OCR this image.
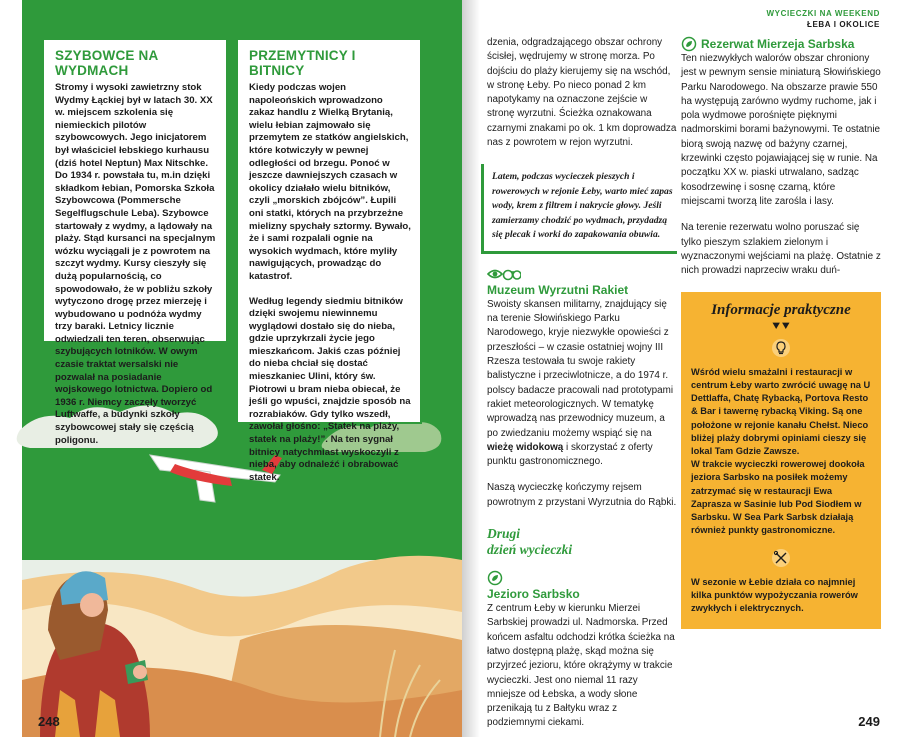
SZYBOWCE NA WYDMACH

Stromy i wysoki zawietrzny stok Wydmy Łąckiej był w latach 30. XX w. miejscem szkolenia się niemieckich pilotów szybowcowych. Jego inicjatorem był właściciel łebskiego kurhausu (dziś hotel Neptun) Max Nitschke. Do 1934 r. powstała tu, m.in dzięki składkom łebian, Pomorska Szkoła Szybowcowa (Pommersche Segelflugschule Leba). Szybowce startowały z wydmy, a lądowały na plaży. Stąd kursanci na specjalnym wózku wyciągali je z powrotem na szczyt wydmy. Kursy cieszyły się dużą popularnością, co spowodowało, że w pobliżu szkoły wytyczono drogę przez mierzeję i wybudowano u podnóża wydmy trzy baraki. Letnicy licznie odwiedzali ten teren, obserwując szybujących lotników. W owym czasie traktat wersalski nie pozwalał na posiadanie wojskowego lotnictwa. Dopiero od 1936 r. Niemcy zaczęły tworzyć Luftwaffe, a budynki szkoły szybowcowej stały się częścią poligonu.

PRZEMYTNICY I BITNICY

Kiedy podczas wojen napoleońskich wprowadzono zakaz handlu z Wielką Brytanią, wielu łebian zajmowało się przemytem ze statków angielskich, które kotwiczyły w pewnej odległości od brzegu. Ponoć w jeszcze dawniejszych czasach w okolicy działało wielu bitników, czyli „morskich zbójców”. Łupili oni statki, których na przybrzeżne mielizny spychały sztormy. Bywało, że i sami rozpalali ognie na wysokich wydmach, które myliły nawigujących, prowadząc do katastrof.

Według legendy siedmiu bitników dzięki swojemu niewinnemu wyglądowi dostało się do nieba, gdzie uprzykrzali życie jego mieszkańcom. Jakiś czas później do nieba chciał się dostać mieszkaniec Ulini, który św. Piotrowi u bram nieba obiecał, że jeśli go wpuści, znajdzie sposób na rozrabiaków. Gdy tylko wszedł, zawołał głośno: „Statek na plaży, statek na plaży!”. Na ten sygnał bitnicy natychmiast wyskoczyli z nieba, aby odnaleźć i obrabować statek.

248
WYCIECZKI NA WEEKEND
ŁEBA I OKOLICE

dzenia, odgradzającego obszar ochrony ścisłej, wędrujemy w stronę morza. Po dojściu do plaży kierujemy się na wschód, w stronę Łeby. Po nieco ponad 2 km napotykamy na oznaczone zejście w stronę wyrzutni. Ścieżka oznakowana czarnymi znakami po ok. 1 km doprowadza nas z powrotem w rejon wyrzutni.

Latem, podczas wycieczek pieszych i rowerowych w rejonie Łeby, warto mieć zapas wody, krem z filtrem i nakrycie głowy. Jeśli zamierzamy chodzić po wydmach, przydadzą się plecak i worki do zapakowania obuwia.
Muzeum Wyrzutni Rakiet

Swoisty skansen militarny, znajdujący się na terenie Słowińskiego Parku Narodowego, kryje niezwykłe opowieści z przeszłości – w czasie ostatniej wojny III Rzesza testowała tu swoje rakiety balistyczne i przeciwlotnicze, a do 1974 r. polscy badacze pracowali nad prototypami rakiet meteorologicznych. W tematykę wprowadzą nas przewodnicy muzeum, a po zwiedzaniu możemy wspiąć się na wieżę widokową i skorzystać z oferty punktu gastronomicznego.

Naszą wycieczkę kończymy rejsem powrotnym z przystani Wyrzutnia do Rąbki.

Drugi
dzień wycieczki
Jezioro Sarbsko

Z centrum Łeby w kierunku Mierzei Sarbskiej prowadzi ul. Nadmorska. Przed końcem asfaltu odchodzi krótka ścieżka na łatwo dostępną plażę, skąd można się przyjrzeć jezioru, które okrążymy w trakcie wycieczki. Jest ono niemal 11 razy mniejsze od Łebska, a wody słone przenikają tu z Bałtyku wraz z podziemnymi ciekami.

Rezerwat Mierzeja Sarbska

Ten niezwykłych walorów obszar chroniony jest w pewnym sensie miniaturą Słowińskiego Parku Narodowego. Na obszarze prawie 550 ha występują zarówno wydmy ruchome, jak i pola wydmowe porośnięte pięknymi nadmorskimi borami bażynowymi. Te ostatnie biorą swoją nazwę od bażyny czarnej, krzewinki często pojawiającej się w runie. Na początku XX w. piaski utrwalano, sadząc kosodrzewinę i sosnę czarną, które miejscami tworzą lite zarośla i lasy.

Na terenie rezerwatu wolno poruszać się tylko pieszym szlakiem zielonym i wyznaczonymi wejściami na plażę. Ostatnie z nich prowadzi naprzeciw wraku duń-

Informacje praktyczne
⯆⯆

Wśród wielu smażalni i restauracji w centrum Łeby warto zwrócić uwagę na U Dettlaffa, Chatę Rybacką, Portova Resto & Bar i tawernę rybacką Viking. Są one położone w rejonie kanału Chełst. Nieco bliżej plaży dobrymi opiniami cieszy się lokal Tam Gdzie Zawsze.

W trakcie wycieczki rowerowej dookoła jeziora Sarbsko na posiłek możemy zatrzymać się w restauracji Ewa Zaprasza w Sasinie lub Pod Siodłem w Sarbsku. W Sea Park Sarbsk działają również punkty gastronomiczne.

W sezonie w Łebie działa co najmniej kilka punktów wypożyczania rowerów zwykłych i elektrycznych.

249
